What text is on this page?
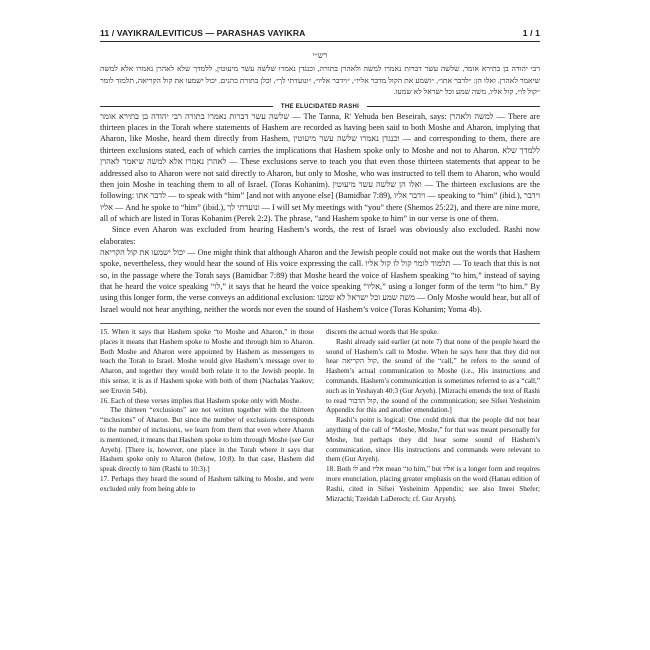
11 / VAYIKRA/LEVITICUS — PARASHAS VAYIKRA	1 / 1
רש״י
רבי יהודה בן בתירא אומר, שלשה עשר דברות נאמרו למשה ולאהרן בתורה, וכנגדן נאמרו שלשה עשר מיעוטין, ללמדך שלא לאהרן נאמרו אלא למשה שיאמר לאהרן. ואלו הן: ״לדבר אתו״, ״ושמע את הקול מדבר אליו״, ״וידבר אליו״, ״ונועדתי לך״, וכלן בתורת כהנים. יכול ישמעו את קול הקריאה, תלמוד לומר ״קול לו״, קול אליו, משה שמע וכל ישראל לא שמעו.
THE ELUCIDATED RASHI

שלשה עשר דברות נאמרו בתורה רבי יהודה בן בתירא אומר — The Tanna, R' Yehuda ben Beseirah, says: למשה ולאהרן — There are thirteen places in the Torah where statements of Hashem are recorded as having been said to both Moshe and Aharon, implying that Aharon, like Moshe, heard them directly from Hashem, וכנגדן נאמרו שלשה עשר מיעוטין — and corresponding to them, there are thirteen exclusions stated, each of which carries the implications that Hashem spoke only to Moshe and not to Aharon. ללמדך שלא לאהרן נאמרו אלא למשה שיאמר לאהרן — These exclusions serve to teach you that even those thirteen statements that appear to be addressed also to Aharon were not said directly to Aharon, but only to Moshe, who was instructed to tell them to Aharon, who would then join Moshe in teaching them to all of Israel. (Toras Kohanim). ואלו הן שלשה עשר מיעוטין — The thirteen exclusions are the following: לדבר אתו — to speak with “him” [and not with anyone else] (Bamidbar 7:89), וידבר אליו — speaking to “him” (ibid.), וידבר אליו — And he spoke to “him” (ibid.), ונועדתי לך — I will set My meetings with “you” there (Shemos 25:22), and there are nine more, all of which are listed in Toras Kohanim (Perek 2:2). The phrase, “and Hashem spoke to him” in our verse is one of them.

Since even Aharon was excluded from hearing Hashem’s words, the rest of Israel was obviously also excluded. Rashi now elaborates:

יכול ישמעו את קול הקריאה — One might think that although Aharon and the Jewish people could not make out the words that Hashem spoke, nevertheless, they would hear the sound of His voice expressing the call. תלמוד לומר קול לו קול אליו — To teach that this is not so, in the passage where the Torah says (Bamidbar 7:89) that Moshe heard the voice of Hashem speaking “to him,” instead of saying that he heard the voice speaking “לו,” it says that he heard the voice speaking “אליו,” using a longer form of the term “to him.” By using this longer form, the verse conveys an additional exclusion: משה שמע וכל ישראל לא שמעו — Only Moshe would hear, but all of Israel would not hear anything, neither the words nor even the sound of Hashem’s voice (Toras Kohanim; Yoma 4b).

15. When it says that Hashem spoke “to Moshe and Aharon,” in those places it means that Hashem spoke to Moshe and through him to Aharon. Both Moshe and Aharon were appointed by Hashem as messengers to teach the Torah to Israel. Moshe would give Hashem’s message over to Aharon, and together they would both relate it to the Jewish people. In this sense, it is as if Hashem spoke with both of them (Nachalas Yaakov; see Eruvin 54b).

16. Each of these verses implies that Hashem spoke only with Moshe.

The thirteen “exclusions” are not written together with the thirteen “inclusions” of Aharon. But since the number of exclusions corresponds to the number of inclusions, we learn from them that even where Aharon is mentioned, it means that Hashem spoke to him through Moshe (see Gur Aryeh). [There is, however, one place in the Torah where it says that Hashem spoke only to Aharon (below, 10:8). In that case, Hashem did speak directly to him (Rashi to 10:3).]

17. Perhaps they heard the sound of Hashem talking to Moshe, and were excluded only from being able to

discern the actual words that He spoke.

Rashi already said earlier (at note 7) that none of the people heard the sound of Hashem’s call to Moshe. When he says here that they did not hear קול הקריאה, the sound of the “call,” he refers to the sound of Hashem’s actual communication to Moshe (i.e., His instructions and commands. Hashem’s communication is sometimes referred to as a “call,” such as in Yeshayah 40:3 (Gur Aryeh). [Mizrachi emends the text of Rashi to read קול הדבור, the sound of the communication; see Sifsei Yesheinim Appendix for this and another emendation.]

Rashi’s point is logical: One could think that the people did not hear anything of the call of “Moshe, Moshe,” for that was meant personally for Moshe, but perhaps they did hear some sound of Hashem’s communication, since His instructions and commands were relevant to them (Gur Aryeh).

18. Both לו and אליו mean “to him,” but אליו is a longer form and requires more enunciation, placing greater emphasis on the word (Hanau edition of Rashi, cited in Sifsei Yesheinim Appendix; see also Imrei Shefer; Mizrachi; Tzeidah LaDerech; cf. Gur Aryeh).
